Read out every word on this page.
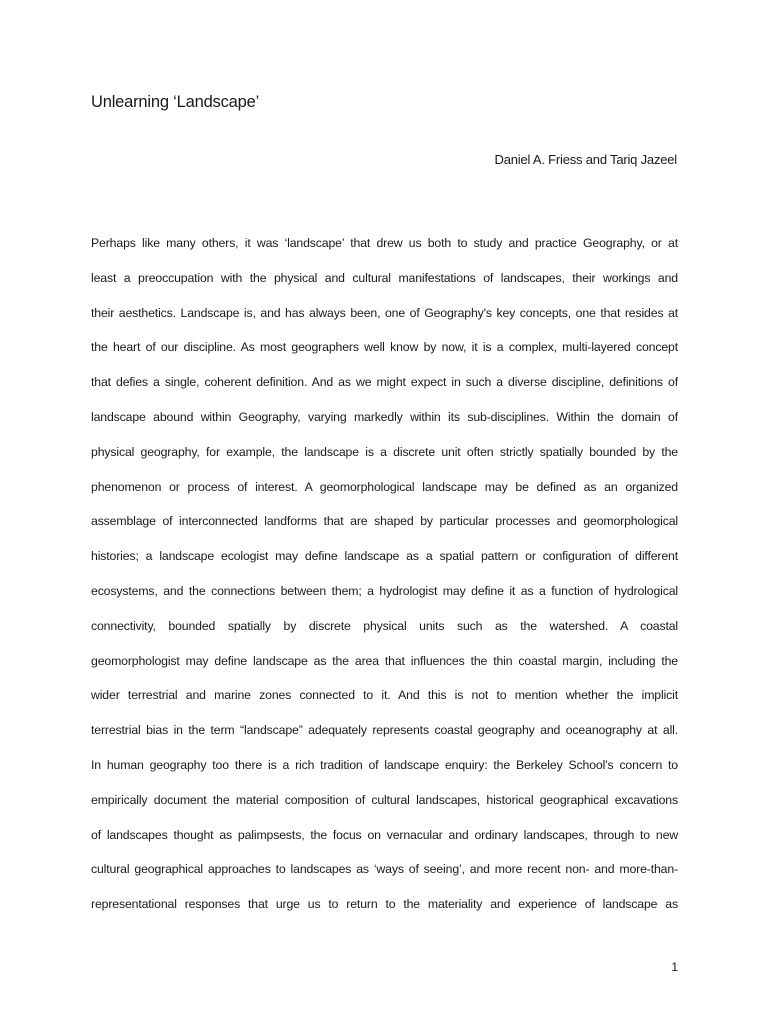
Unlearning ‘Landscape’

Daniel A. Friess and Tariq Jazeel

Perhaps like many others, it was ‘landscape’ that drew us both to study and practice Geography, or at
least a preoccupation with the physical and cultural manifestations of landscapes, their workings and
their aesthetics. Landscape is, and has always been, one of Geography's key concepts, one that resides at
the heart of our discipline. As most geographers well know by now, it is a complex, multi-layered concept
that defies a single, coherent definition. And as we might expect in such a diverse discipline, definitions of
landscape abound within Geography, varying markedly within its sub-disciplines. Within the domain of
physical geography, for example, the landscape is a discrete unit often strictly spatially bounded by the
phenomenon or process of interest. A geomorphological landscape may be defined as an organized
assemblage of interconnected landforms that are shaped by particular processes and geomorphological
histories; a landscape ecologist may define landscape as a spatial pattern or configuration of different
ecosystems, and the connections between them; a hydrologist may define it as a function of hydrological
connectivity, bounded spatially by discrete physical units such as the watershed. A coastal
geomorphologist may define landscape as the area that influences the thin coastal margin, including the
wider terrestrial and marine zones connected to it. And this is not to mention whether the implicit
terrestrial bias in the term “landscape” adequately represents coastal geography and oceanography at all.
In human geography too there is a rich tradition of landscape enquiry: the Berkeley School’s concern to
empirically document the material composition of cultural landscapes, historical geographical excavations
of landscapes thought as palimpsests, the focus on vernacular and ordinary landscapes, through to new
cultural geographical approaches to landscapes as ‘ways of seeing’, and more recent non- and more-than-
representational responses that urge us to return to the materiality and experience of landscape as

1
